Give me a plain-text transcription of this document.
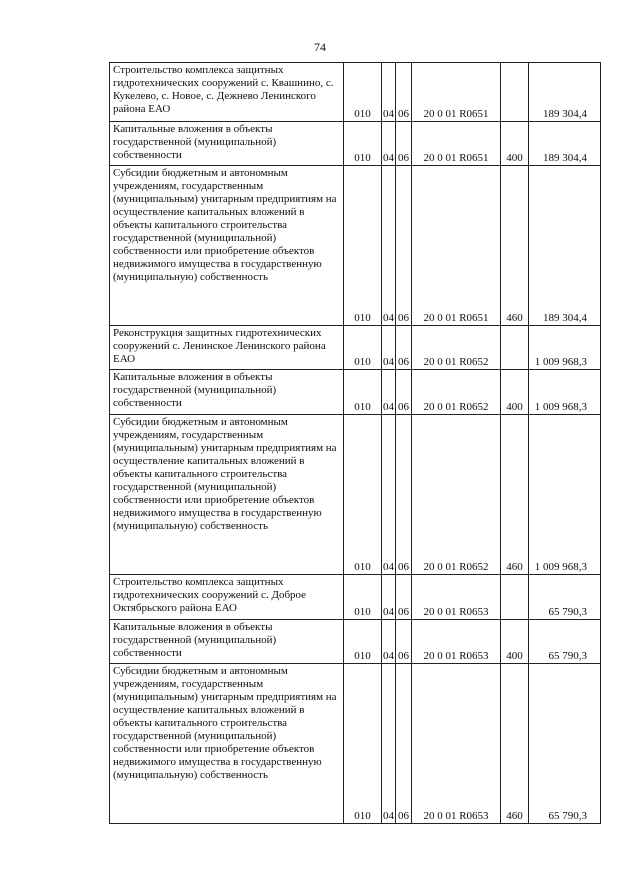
74
Строительство комплекса защитных гидротехнических сооружений с. Квашнино, с. Кукелево, с. Новое, с. Дежнево Ленинского района ЕАО	010	04	06	20 0 01 R0651		189 304,4
Капитальные вложения в объекты государственной (муниципальной) собственности	010	04	06	20 0 01 R0651	400	189 304,4
Субсидии бюджетным и автономным учреждениям, государственным (муниципальным) унитарным предприятиям на осуществление капитальных вложений в объекты капитального строительства государственной (муниципальной) собственности или приобретение объектов недвижимого имущества в государственную (муниципальную) собственность	010	04	06	20 0 01 R0651	460	189 304,4
Реконструкция защитных гидротехнических сооружений с. Ленинское Ленинского района ЕАО	010	04	06	20 0 01 R0652		1 009 968,3
Капитальные вложения в объекты государственной (муниципальной) собственности	010	04	06	20 0 01 R0652	400	1 009 968,3
Субсидии бюджетным и автономным учреждениям, государственным (муниципальным) унитарным предприятиям на осуществление капитальных вложений в объекты капитального строительства государственной (муниципальной) собственности или приобретение объектов недвижимого имущества в государственную (муниципальную) собственность	010	04	06	20 0 01 R0652	460	1 009 968,3
Строительство комплекса защитных гидротехнических сооружений с. Доброе Октябрьского района ЕАО	010	04	06	20 0 01 R0653		65 790,3
Капитальные вложения в объекты государственной (муниципальной) собственности	010	04	06	20 0 01 R0653	400	65 790,3
Субсидии бюджетным и автономным учреждениям, государственным (муниципальным) унитарным предприятиям на осуществление капитальных вложений в объекты капитального строительства государственной (муниципальной) собственности или приобретение объектов недвижимого имущества в государственную (муниципальную) собственность	010	04	06	20 0 01 R0653	460	65 790,3
